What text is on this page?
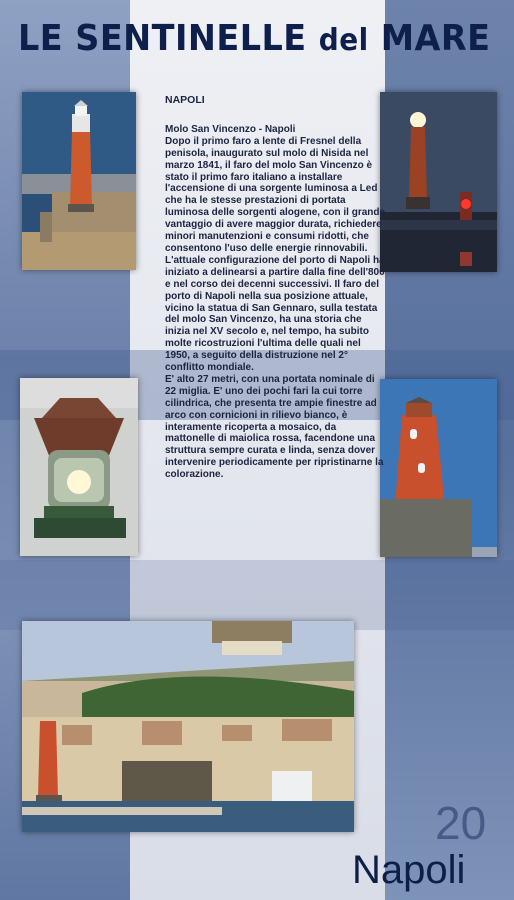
LE SENTINELLE del MARE
NAPOLI

Molo San Vincenzo - Napoli

Dopo il primo faro a lente di Fresnel della penisola, inaugurato sul molo di Nisida nel marzo 1841, il faro del molo San Vincenzo è stato il primo faro italiano a installare l'accensione di una sorgente luminosa a Led che ha le stesse prestazioni di portata luminosa delle sorgenti alogene, con il grande vantaggio di avere maggior durata, richiedere minori manutenzioni e consumi ridotti, che consentono l'uso delle energie rinnovabili.

L'attuale configurazione del porto di Napoli ha iniziato a delinearsi a partire dalla fine dell'800 e nel corso dei decenni successivi. Il faro del porto di Napoli nella sua posizione attuale, vicino la statua di San Gennaro, sulla testata del molo San Vincenzo, ha una storia che inizia nel XV secolo e, nel tempo, ha subito molte ricostruzioni l'ultima delle quali nel 1950, a seguito della distruzione nel 2° conflitto mondiale.

E' alto 27 metri, con una portata nominale di 22 miglia. E' uno dei pochi fari la cui torre cilindrica, che presenta tre ampie finestre ad arco con cornicioni in rilievo bianco, è interamente ricoperta a mosaico, da mattonelle di maiolica rossa, facendone una struttura sempre curata e linda, senza dover intervenire periodicamente per ripristinarne la colorazione.

20
Napoli
